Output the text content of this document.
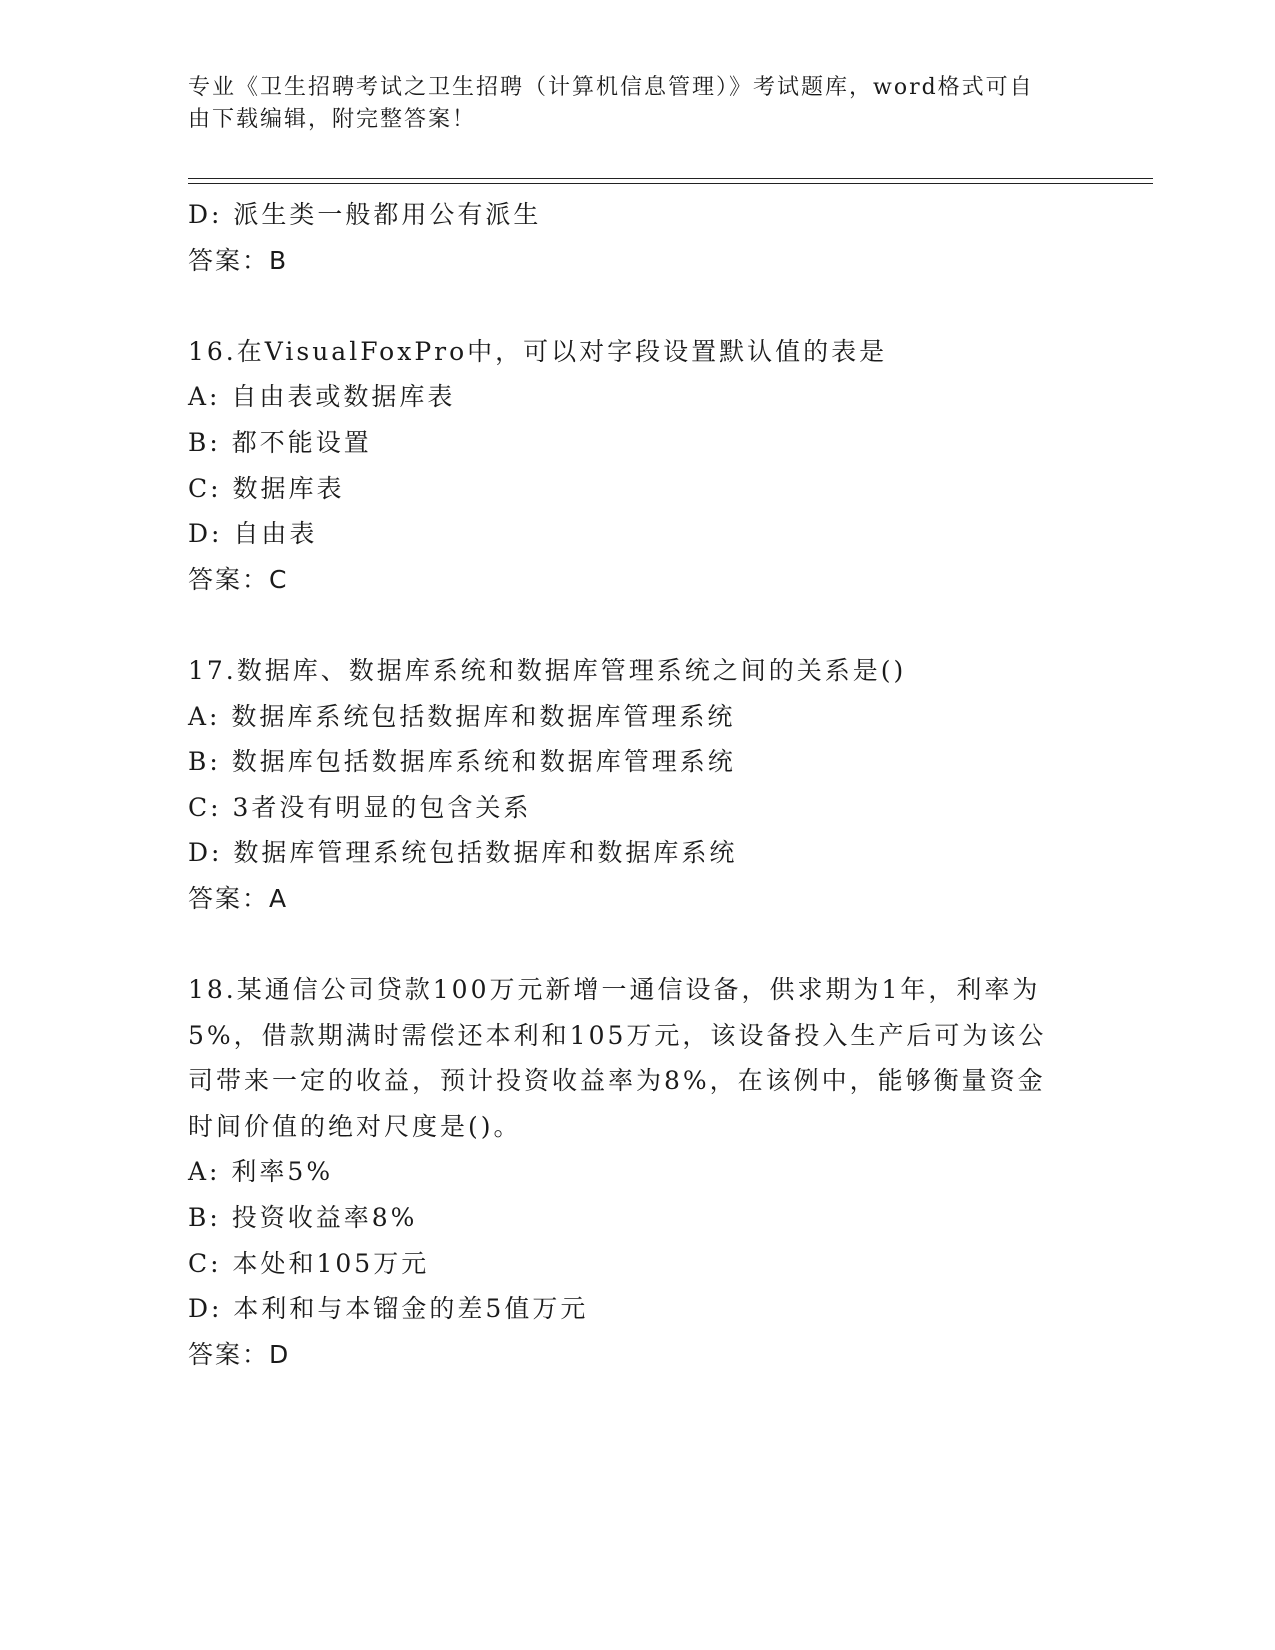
专业《卫生招聘考试之卫生招聘（计算机信息管理）》考试题库，word格式可自
由下载编辑，附完整答案！
D: 派生类一般都用公有派生
答案：B
16.在VisualFoxPro中，可以对字段设置默认值的表是
A: 自由表或数据库表
B: 都不能设置
C: 数据库表
D: 自由表
答案：C
17.数据库、数据库系统和数据库管理系统之间的关系是()
A: 数据库系统包括数据库和数据库管理系统
B: 数据库包括数据库系统和数据库管理系统
C: 3者没有明显的包含关系
D: 数据库管理系统包括数据库和数据库系统
答案：A
18.某通信公司贷款100万元新增一通信设备，供求期为1年，利率为
5%，借款期满时需偿还本利和105万元，该设备投入生产后可为该公
司带来一定的收益，预计投资收益率为8%，在该例中，能够衡量资金
时间价值的绝对尺度是()。
A: 利率5%
B: 投资收益率8%
C: 本处和105万元
D: 本利和与本镏金的差5值万元
答案：D
